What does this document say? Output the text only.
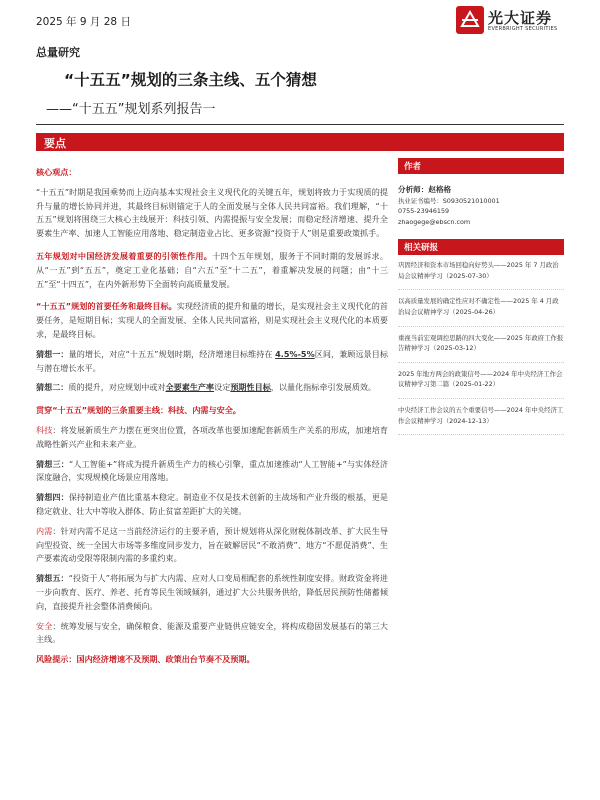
2025 年 9 月 28 日	光大证券
EVERBRIGHT SECURITIES
总量研究
“十五五”规划的三条主线、五个猜想
——“十五五”规划系列报告一
要点

核心观点：

“十五五”时期是我国乘势而上迈向基本实现社会主义现代化的关键五年，规划将致力于实现质的提升与量的增长协同并进，其最终目标则锚定于人的全面发展与全体人民共同富裕。我们理解，“十五五”规划将围绕三大核心主线展开：科技引领、内需提振与安全发展；而稳定经济增速、提升全要素生产率、加速人工智能应用落地、稳定制造业占比、更多资源“投资于人”则是重要政策抓手。

五年规划对中国经济发展着重要的引领性作用。十四个五年规划，服务于不同时期的发展诉求。从“一五”到“五五”，奠定工业化基础；自“六五”至“十二五”，着重解决发展的问题；由“十三五”至“十四五”，在内外新形势下全面转向高质量发展。

“十五五”规划的首要任务和最终目标。实现经济质的提升和量的增长，是实现社会主义现代化的首要任务，是短期目标；实现人的全面发展、全体人民共同富裕，则是实现社会主义现代化的本质要求，是最终目标。

猜想一：量的增长，对应“十五五”规划时期，经济增速目标维持在 4.5%-5%区间，兼顾远景目标与潜在增长水平。

猜想二：质的提升，对应规划中或对全要素生产率设定预期性目标，以量化指标牵引发展质效。

贯穿“十五五”规划的三条重要主线：科技、内需与安全。

科技：将发展新质生产力摆在更突出位置，各项改革也要加速配套新质生产关系的形成，加速培育战略性新兴产业和未来产业。

猜想三：“人工智能+”将成为提升新质生产力的核心引擎，重点加速推动“人工智能+”与实体经济深度融合，实现规模化场景应用落地。

猜想四：保持制造业产值比重基本稳定。制造业不仅是技术创新的主战场和产业升级的根基，更是稳定就业、壮大中等收入群体、防止贫富差距扩大的关键。

内需：针对内需不足这一当前经济运行的主要矛盾，预计规划将从深化财税体制改革、扩大民生导向型投资、统一全国大市场等多维度同步发力，旨在破解居民“不敢消费”、地方“不愿促消费”、生产要素流动受限等限制内需的多重约束。

猜想五：“投资于人”将拓展为与扩大内需、应对人口变局相配套的系统性制度安排。财政资金将进一步向教育、医疗、养老、托育等民生领域倾斜，通过扩大公共服务供给，降低居民预防性储蓄倾向，直接提升社会整体消费倾向。

安全：统筹发展与安全，确保粮食、能源及重要产业链供应链安全，将构成稳固发展基石的第三大主线。

风险提示：国内经济增速不及预期、政策出台节奏不及预期。

作者

分析师：赵格格

执业证书编号：S0930521010001

0755-23946159

zhaogege@ebscn.com

相关研报

巩固经济和资本市场回稳向好势头——2025 年 7 月政治局会议精神学习（2025-07-30）

以高质量发展的确定性应对不确定性——2025 年 4 月政治局会议精神学习（2025-04-26）

重视当前宏观调控思路的四大变化——2025 年政府工作报告精神学习（2025-03-12）

2025 年地方两会的政策信号——2024 年中央经济工作会议精神学习第二篇（2025-01-22）

中央经济工作会议的五个重要信号——2024 年中央经济工作会议精神学习（2024-12-13）
